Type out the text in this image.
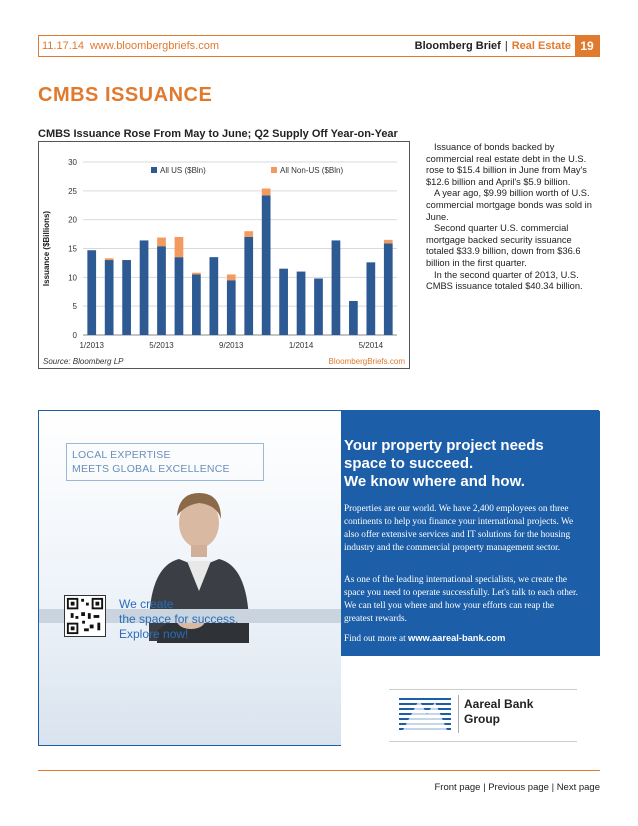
11.17.14 www.bloombergbriefs.com	Bloomberg Brief | Real Estate 19
CMBS ISSUANCE
CMBS Issuance Rose From May to June; Q2 Supply Off Year-on-Year
0
5
10
15
20
25
30
1/2013	5/2013	9/2013	1/2014	5/2014
Issuance ($Billions)
All US ($Bln)	All Non-US ($Bln)
Source: Bloomberg LP	BloombergBriefs.com

Issuance of bonds backed by commercial real estate debt in the U.S. rose to $15.4 billion in June from May's $12.6 billion and April's $5.9 billion.

A year ago, $9.99 billion worth of U.S. commercial mortgage bonds was sold in June.

Second quarter U.S. commercial mortgage backed security issuance totaled $33.9 billion, down from $36.6 billion in the first quarter.

In the second quarter of 2013, U.S. CMBS issuance totaled $40.34 billion.

LOCAL EXPERTISE
MEETS GLOBAL EXCELLENCE
We create
the space for success.
Explore now!
Your property project needs
space to succeed.
We know where and how.
Properties are our world. We have 2,400 employees on three continents to help you finance your international projects. We also offer extensive services and IT solutions for the housing industry and the commercial property management sector.
As one of the leading international specialists, we create the space you need to operate successfully. Let's talk to each other. We can tell you where and how your efforts can reap the greatest rewards.
Find out more at www.aareal-bank.com
Aareal Bank
Group
Front page | Previous page | Next page
